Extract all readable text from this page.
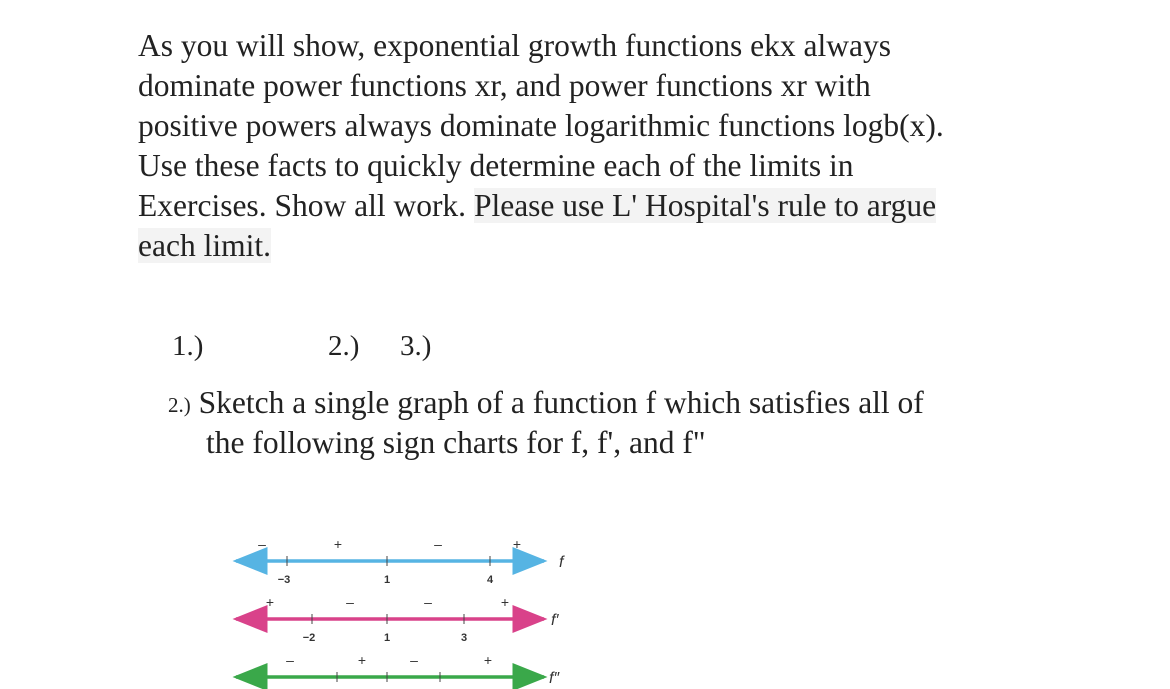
As you will show, exponential growth functions ekx always
dominate power functions xr, and power functions xr with
positive powers always dominate logarithmic functions logb(x).
Use these facts to quickly determine each of the limits in
Exercises. Show all work. Please use L' Hospital's rule to argue
each limit.

1.)	2.) 3.)
2.) Sketch a single graph of a function f which satisfies all of
the following sign charts for f, f', and f"
–	+	–	+
−3	1	4
f
+	–	–	+
−2	1	3
f′
–	+	–	+
f″
